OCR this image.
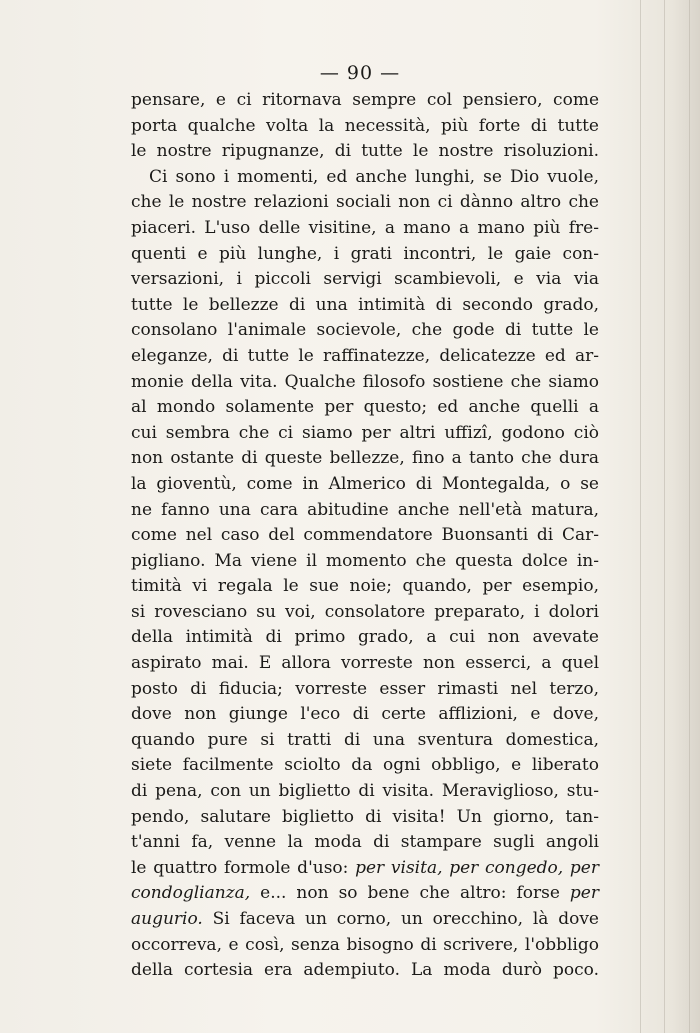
— 90 —
pensare, e ci ritornava sempre col pensiero, come
porta qualche volta la necessità, più forte di tutte
le nostre ripugnanze, di tutte le nostre risoluzioni.
Ci sono i momenti, ed anche lunghi, se Dio vuole,
che le nostre relazioni sociali non ci dànno altro che
piaceri. L'uso delle visitine, a mano a mano più fre-
quenti e più lunghe, i grati incontri, le gaie con-
versazioni, i piccoli servigi scambievoli, e via via
tutte le bellezze di una intimità di secondo grado,
consolano l'animale socievole, che gode di tutte le
eleganze, di tutte le raffinatezze, delicatezze ed ar-
monie della vita. Qualche filosofo sostiene che siamo
al mondo solamente per questo; ed anche quelli a
cui sembra che ci siamo per altri uffizî, godono ciò
non ostante di queste bellezze, fino a tanto che dura
la gioventù, come in Almerico di Montegalda, o se
ne fanno una cara abitudine anche nell'età matura,
come nel caso del commendatore Buonsanti di Car-
pigliano. Ma viene il momento che questa dolce in-
timità vi regala le sue noie; quando, per esempio,
si rovesciano su voi, consolatore preparato, i dolori
della intimità di primo grado, a cui non avevate
aspirato mai. E allora vorreste non esserci, a quel
posto di fiducia; vorreste esser rimasti nel terzo,
dove non giunge l'eco di certe afflizioni, e dove,
quando pure si tratti di una sventura domestica,
siete facilmente sciolto da ogni obbligo, e liberato
di pena, con un biglietto di visita. Meraviglioso, stu-
pendo, salutare biglietto di visita! Un giorno, tan-
t'anni fa, venne la moda di stampare sugli angoli
le quattro formole d'uso: per visita, per congedo, per
condoglianza, e... non so bene che altro: forse per
augurio. Si faceva un corno, un orecchino, là dove
occorreva, e così, senza bisogno di scrivere, l'obbligo
della cortesia era adempiuto. La moda durò poco.
